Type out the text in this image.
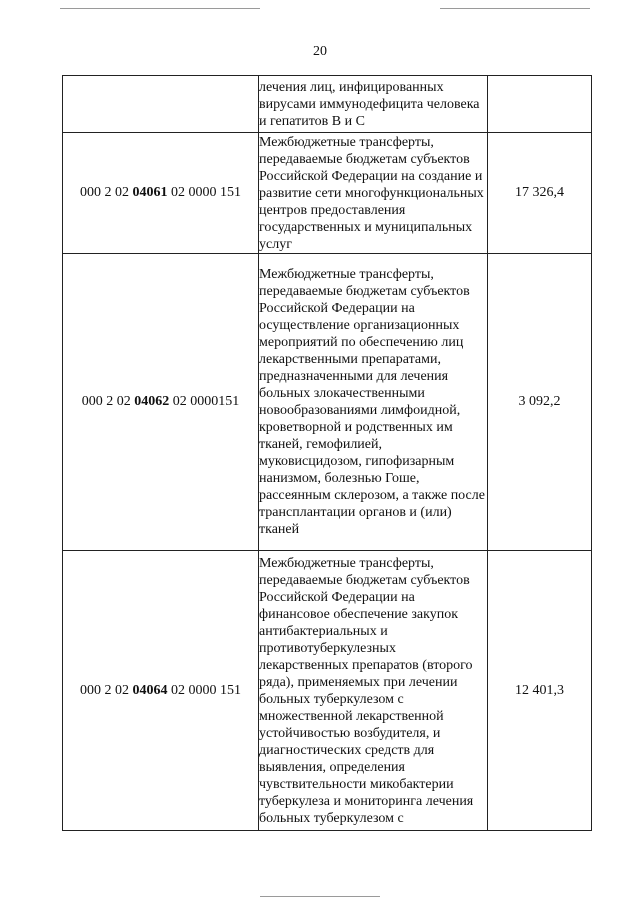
20
	лечения лиц, инфицированных вирусами иммунодефицита человека и гепатитов В и С	
000 2 02 04061 02 0000 151	Межбюджетные трансферты, передаваемые бюджетам субъектов Российской Федерации на создание и развитие сети многофункциональных центров предоставления государственных и муниципальных услуг	17 326,4
000 2 02 04062 02 0000151	Межбюджетные трансферты, передаваемые бюджетам субъектов Российской Федерации на осуществление организационных мероприятий по обеспечению лиц лекарственными препаратами, предназначенными для лечения больных злокачественными новообразованиями лимфоидной, кроветворной и родственных им тканей, гемофилией, муковисцидозом, гипофизарным нанизмом, болезнью Гоше, рассеянным склерозом, а также после трансплантации органов и (или) тканей	3 092,2
000 2 02 04064 02 0000 151	Межбюджетные трансферты, передаваемые бюджетам субъектов Российской Федерации на финансовое обеспечение закупок антибактериальных и противотуберкулезных лекарственных препаратов (второго ряда), применяемых при лечении больных туберкулезом с множественной лекарственной устойчивостью возбудителя, и диагностических средств для выявления, определения чувствительности микобактерии туберкулеза и мониторинга лечения больных туберкулезом с	12 401,3
